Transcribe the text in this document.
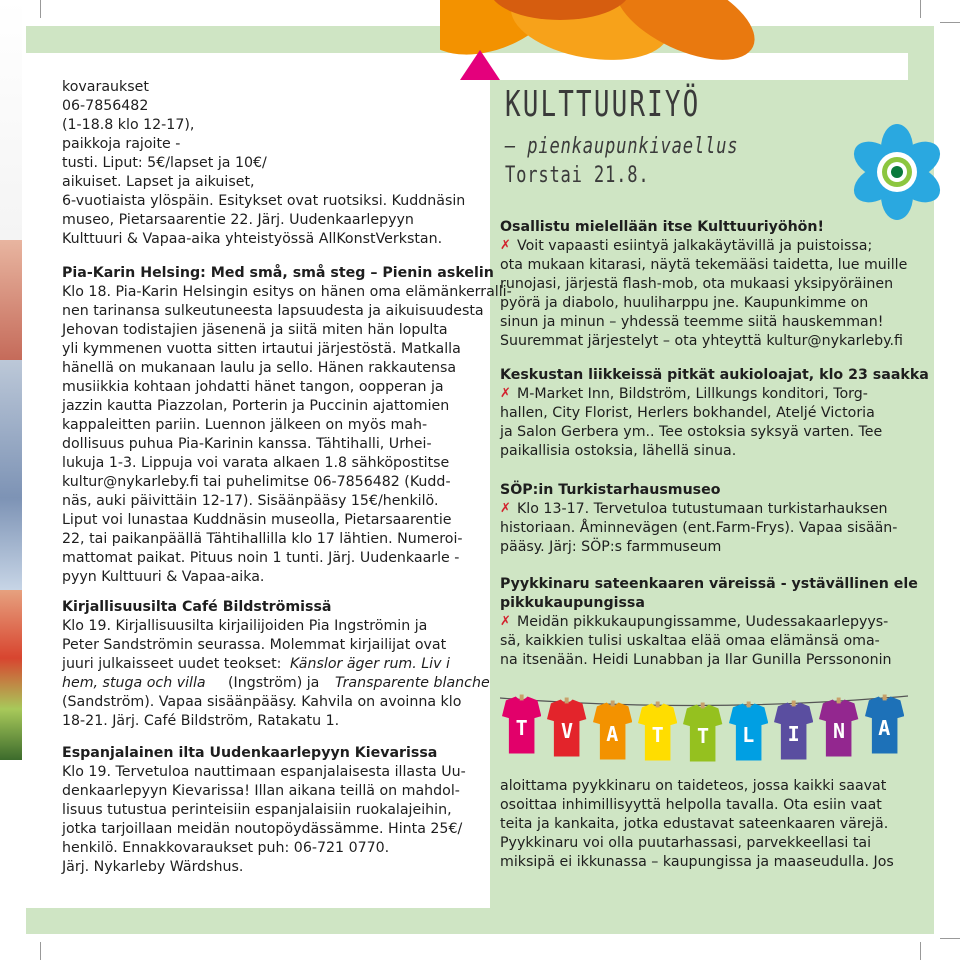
kovaraukset
06-7856482
(1-18.8 klo 12-17),
paikkoja rajoite -
tusti. Liput: 5€/lapset ja 10€/
aikuiset. Lapset ja aikuiset,
6-vuotiaista ylöspäin. Esitykset ovat ruotsiksi. Kuddnäsin
museo, Pietarsaarentie 22. Järj. Uudenkaarlepyyn
Kulttuuri & Vapaa-aika yhteistyössä AllKonstVerkstan.
Pia-Karin Helsing: Med små, små steg – Pienin askelin
Klo 18. Pia-Karin Helsingin esitys on hänen oma elämänkerralli-
nen tarinansa sulkeutuneesta lapsuudesta ja aikuisuudesta
Jehovan todistajien jäsenenä ja siitä miten hän lopulta
yli kymmenen vuotta sitten irtautui järjestöstä. Matkalla
hänellä on mukanaan laulu ja sello. Hänen rakkautensa
musiikkia kohtaan johdatti hänet tangon, oopperan ja
jazzin kautta Piazzolan, Porterin ja Puccinin ajattomien
kappaleitten pariin. Luennon jälkeen on myös mah-
dollisuus puhua Pia-Karinin kanssa. Tähtihalli, Urhei-
lukuja 1-3. Lippuja voi varata alkaen 1.8 sähköpostitse
kultur@nykarleby.fi tai puhelimitse 06-7856482 (Kudd-
näs, auki päivittäin 12-17). Sisäänpääsy 15€/henkilö.
Liput voi lunastaa Kuddnäsin museolla, Pietarsaarentie
22, tai paikanpäällä Tähtihallilla klo 17 lähtien. Numeroi-
mattomat paikat. Pituus noin 1 tunti. Järj. Uudenkaarle -
pyyn Kulttuuri & Vapaa-aika.
Kirjallisuusilta Café Bildströmissä
Klo 19. Kirjallisuusilta kirjailijoiden Pia Ingströmin ja
Peter Sandströmin seurassa. Molemmat kirjailijat ovat
juuri julkaisseet uudet teokset: Känslor äger rum. Liv i
hem, stuga och villa (Ingström) ja Transparente blanche
(Sandström). Vapaa sisäänpääsy. Kahvila on avoinna klo
18-21. Järj. Café Bildström, Ratakatu 1.
Espanjalainen ilta Uudenkaarlepyyn Kievarissa
Klo 19. Tervetuloa nauttimaan espanjalaisesta illasta Uu-
denkaarlepyyn Kievarissa! Illan aikana teillä on mahdol-
lisuus tutustua perinteisiin espanjalaisiin ruokalajeihin,
jotka tarjoillaan meidän noutopöydässämme. Hinta 25€/
henkilö. Ennakkovaraukset puh: 06-721 0770.
Järj. Nykarleby Wärdshus.
KULTTUURIYÖ
– pienkaupunkivaellus
Torstai 21.8.
Osallistu mielellään itse Kulttuuriyöhön!
✗ Voit vapaasti esiintyä jalkakäytävillä ja puistoissa;
ota mukaan kitarasi, näytä tekemääsi taidetta, lue muille
runojasi, järjestä flash-mob, ota mukaasi yksipyöräinen
pyörä ja diabolo, huuliharppu jne. Kaupunkimme on
sinun ja minun – yhdessä teemme siitä hauskemman!
Suuremmat järjestelyt – ota yhteyttä kultur@nykarleby.fi
Keskustan liikkeissä pitkät aukioloajat, klo 23 saakka
✗ M-Market Inn, Bildström, Lillkungs konditori, Torg-
hallen, City Florist, Herlers bokhandel, Ateljé Victoria
ja Salon Gerbera ym.. Tee ostoksia syksyä varten. Tee
paikallisia ostoksia, lähellä sinua.
SÖP:in Turkistarhausmuseo
✗ Klo 13-17. Tervetuloa tutustumaan turkistarhauksen
historiaan. Åminnevägen (ent.Farm-Frys). Vapaa sisään-
pääsy. Järj: SÖP:s farmmuseum
Pyykkinaru sateenkaaren väreissä - ystävällinen ele
pikkukaupungissa
✗ Meidän pikkukaupungissamme, Uudessakaarlepyys-
sä, kaikkien tulisi uskaltaa elää omaa elämänsä oma-
na itsenään. Heidi Lunabban ja Ilar Gunilla Perssononin
T	V	A	T	T	L	I	N	A
aloittama pyykkinaru on taideteos, jossa kaikki saavat
osoittaa inhimillisyyttä helpolla tavalla. Ota esiin vaat
teita ja kankaita, jotka edustavat sateenkaaren värejä.
Pyykkinaru voi olla puutarhassasi, parvekkeellasi tai
miksipä ei ikkunassa – kaupungissa ja maaseudulla. Jos
